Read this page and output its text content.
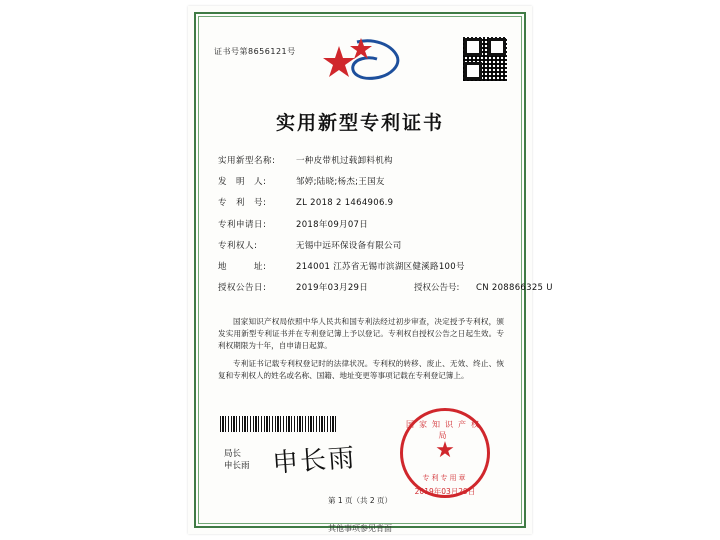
证书号第8656121号
实用新型专利证书
实用新型名称:	一种皮带机过载卸料机构
发　明　人:	邹婷;陆晓;杨杰;王国友
专　利　号:	ZL 2018 2 1464906.9
专利申请日:	2018年09月07日
专利权人:	无锡中远环保设备有限公司
地　　　址:	214001 江苏省无锡市滨湖区健溪路100号
授权公告日:	2019年03月29日	授权公告号:	CN 208866325 U

国家知识产权局依照中华人民共和国专利法经过初步审查，决定授予专利权，颁发实用新型专利证书并在专利登记簿上予以登记。专利权自授权公告之日起生效。专利权期限为十年，自申请日起算。

专利证书记载专利权登记时的法律状况。专利权的转移、废止、无效、终止、恢复和专利权人的姓名或名称、国籍、地址变更等事项记载在专利登记簿上。

国家知识产权局
★
专利专用章
2019年03月29日
局长
申长雨 申长雨
第 1 页（共 2 页）
其他事项参见背面
